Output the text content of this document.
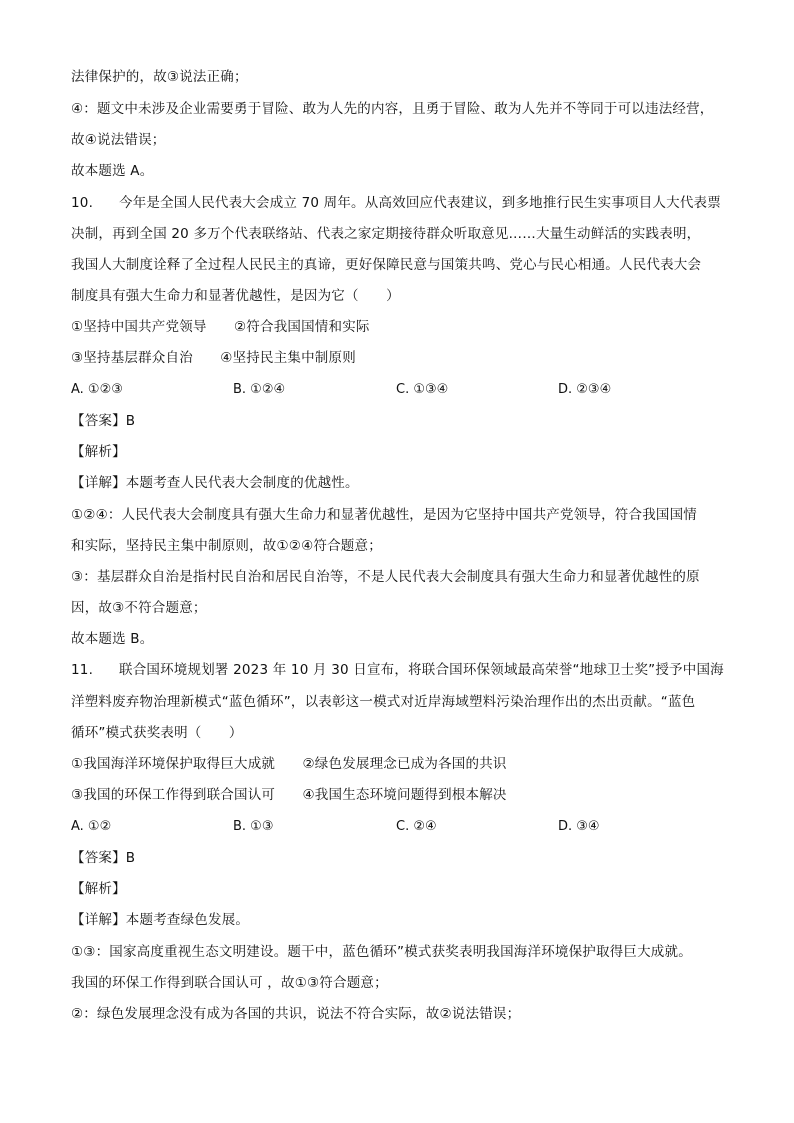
法律保护的，故③说法正确；
④：题文中未涉及企业需要勇于冒险、敢为人先的内容，且勇于冒险、敢为人先并不等同于可以违法经营，
故④说法错误；
故本题选 A。
10. 今年是全国人民代表大会成立 70 周年。从高效回应代表建议，到多地推行民生实事项目人大代表票
决制，再到全国 20 多万个代表联络站、代表之家定期接待群众听取意见……大量生动鲜活的实践表明，
我国人大制度诠释了全过程人民民主的真谛，更好保障民意与国策共鸣、党心与民心相通。人民代表大会
制度具有强大生命力和显著优越性，是因为它（　　）
①坚持中国共产党领导　　②符合我国国情和实际
③坚持基层群众自治　　④坚持民主集中制原则
A. ①②③	B. ①②④	C. ①③④	D. ②③④
【答案】B
【解析】
【详解】本题考查人民代表大会制度的优越性。
①②④：人民代表大会制度具有强大生命力和显著优越性，是因为它坚持中国共产党领导，符合我国国情
和实际，坚持民主集中制原则，故①②④符合题意；
③：基层群众自治是指村民自治和居民自治等，不是人民代表大会制度具有强大生命力和显著优越性的原
因，故③不符合题意；
故本题选 B。
11. 联合国环境规划署 2023 年 10 月 30 日宣布，将联合国环保领域最高荣誉“地球卫士奖”授予中国海
洋塑料废弃物治理新模式“蓝色循环”，以表彰这一模式对近岸海域塑料污染治理作出的杰出贡献。“蓝色
循环”模式获奖表明（　　）
①我国海洋环境保护取得巨大成就　　②绿色发展理念已成为各国的共识
③我国的环保工作得到联合国认可　　④我国生态环境问题得到根本解决
A. ①②	B. ①③	C. ②④	D. ③④
【答案】B
【解析】
【详解】本题考查绿色发展。
①③：国家高度重视生态文明建设。题干中，蓝色循环”模式获奖表明我国海洋环境保护取得巨大成就。
我国的环保工作得到联合国认可 ，故①③符合题意；
②：绿色发展理念没有成为各国的共识，说法不符合实际，故②说法错误；
